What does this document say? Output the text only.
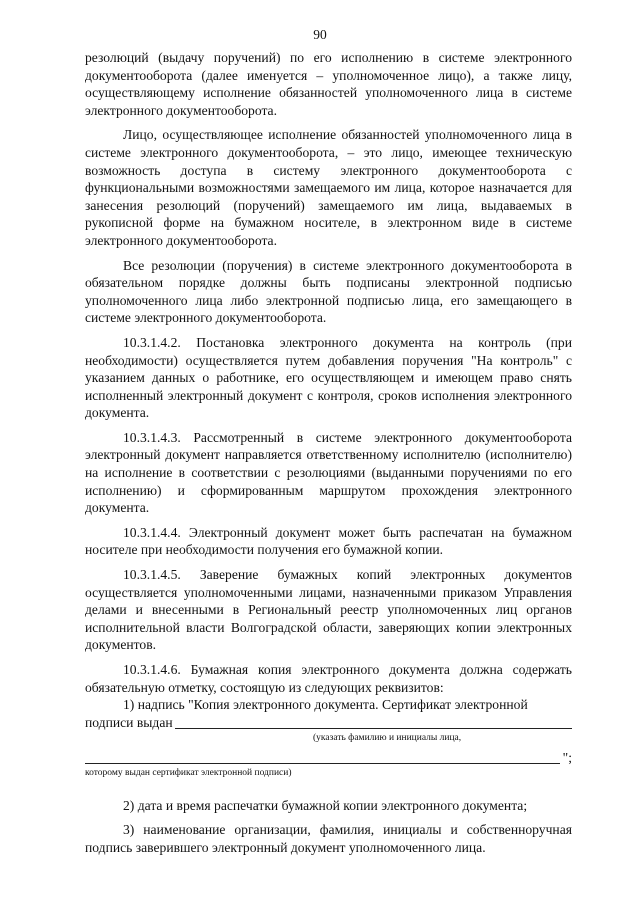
90

резолюций (выдачу поручений) по его исполнению в системе электронного документооборота (далее именуется – уполномоченное лицо), а также лицу, осуществляющему исполнение обязанностей уполномоченного лица в системе электронного документооборота.

Лицо, осуществляющее исполнение обязанностей уполномоченного лица в системе электронного документооборота, – это лицо, имеющее техническую возможность доступа в систему электронного документооборота с функциональными возможностями замещаемого им лица, которое назначается для занесения резолюций (поручений) замещаемого им лица, выдаваемых в рукописной форме на бумажном носителе, в электронном виде в системе электронного документооборота.

Все резолюции (поручения) в системе электронного документооборота в обязательном порядке должны быть подписаны электронной подписью уполномоченного лица либо электронной подписью лица, его замещающего в системе электронного документооборота.

10.3.1.4.2. Постановка электронного документа на контроль (при необходимости) осуществляется путем добавления поручения "На контроль" с указанием данных о работнике, его осуществляющем и имеющем право снять исполненный электронный документ с контроля, сроков исполнения электронного документа.

10.3.1.4.3. Рассмотренный в системе электронного документооборота электронный документ направляется ответственному исполнителю (исполнителю) на исполнение в соответствии с резолюциями (выданными поручениями по его исполнению) и сформированным маршрутом прохождения электронного документа.

10.3.1.4.4. Электронный документ может быть распечатан на бумажном носителе при необходимости получения его бумажной копии.

10.3.1.4.5. Заверение бумажных копий электронных документов осуществляется уполномоченными лицами, назначенными приказом Управления делами и внесенными в Региональный реестр уполномоченных лиц органов исполнительной власти Волгоградской области, заверяющих копии электронных документов.

10.3.1.4.6. Бумажная копия электронного документа должна содержать обязательную отметку, состоящую из следующих реквизитов:

1) надпись "Копия электронного документа. Сертификат электронной

подписи выдан

(указать фамилию и инициалы лица,

";

которому выдан сертификат электронной подписи)

2) дата и время распечатки бумажной копии электронного документа;

3) наименование организации, фамилия, инициалы и собственноручная подпись заверившего электронный документ уполномоченного лица.
